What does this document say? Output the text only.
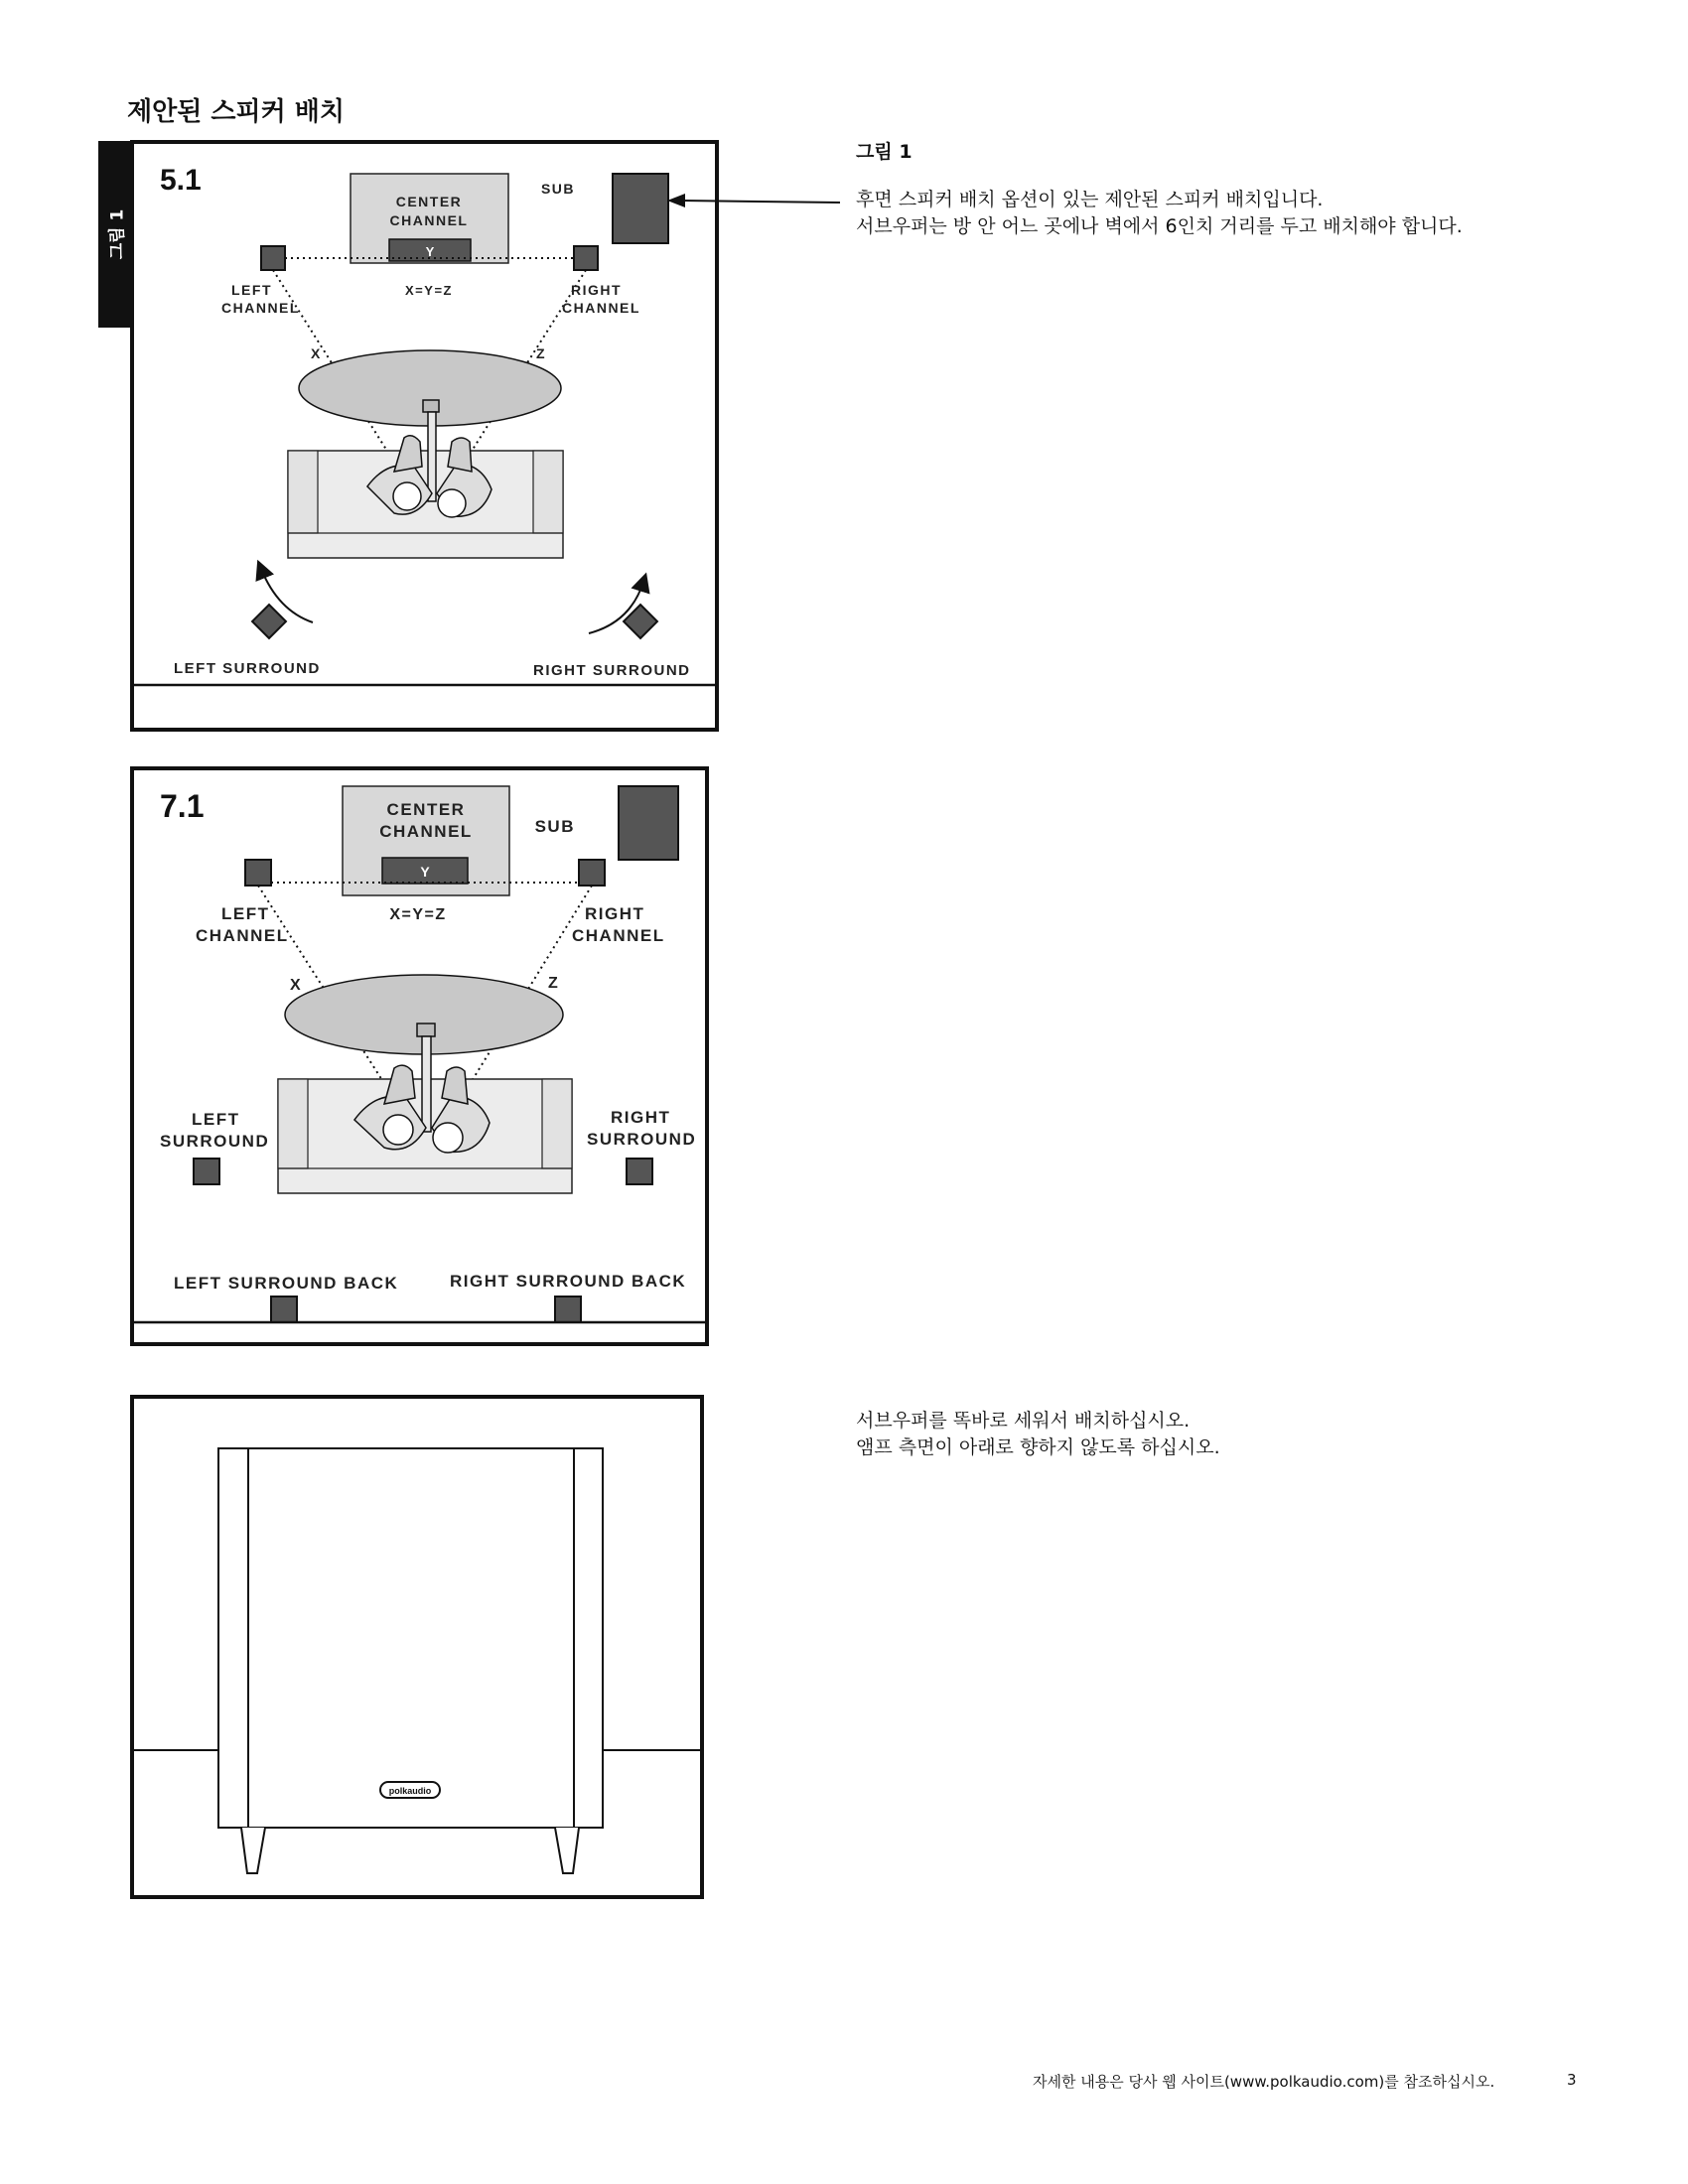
제안된 스피커 배치
그림 1
5.1
CENTER
CHANNEL
Y
SUB
LEFT
CHANNEL
X=Y=Z	RIGHT
CHANNEL
X	Z
LEFT SURROUND	RIGHT SURROUND
7.1	CENTER
CHANNEL
Y
SUB
LEFT
CHANNEL
X=Y=Z	RIGHT
CHANNEL
X	Z
LEFT
SURROUND
RIGHT
SURROUND
LEFT SURROUND BACK	RIGHT SURROUND BACK
polkaudio
그림 1
후면 스피커 배치 옵션이 있는 제안된 스피커 배치입니다.
서브우퍼는 방 안 어느 곳에나 벽에서 6인치 거리를 두고 배치해야 합니다.
서브우퍼를 똑바로 세워서 배치하십시오.
앰프 측면이 아래로 향하지 않도록 하십시오.
자세한 내용은 당사 웹 사이트(www.polkaudio.com)를 참조하십시오.	3
